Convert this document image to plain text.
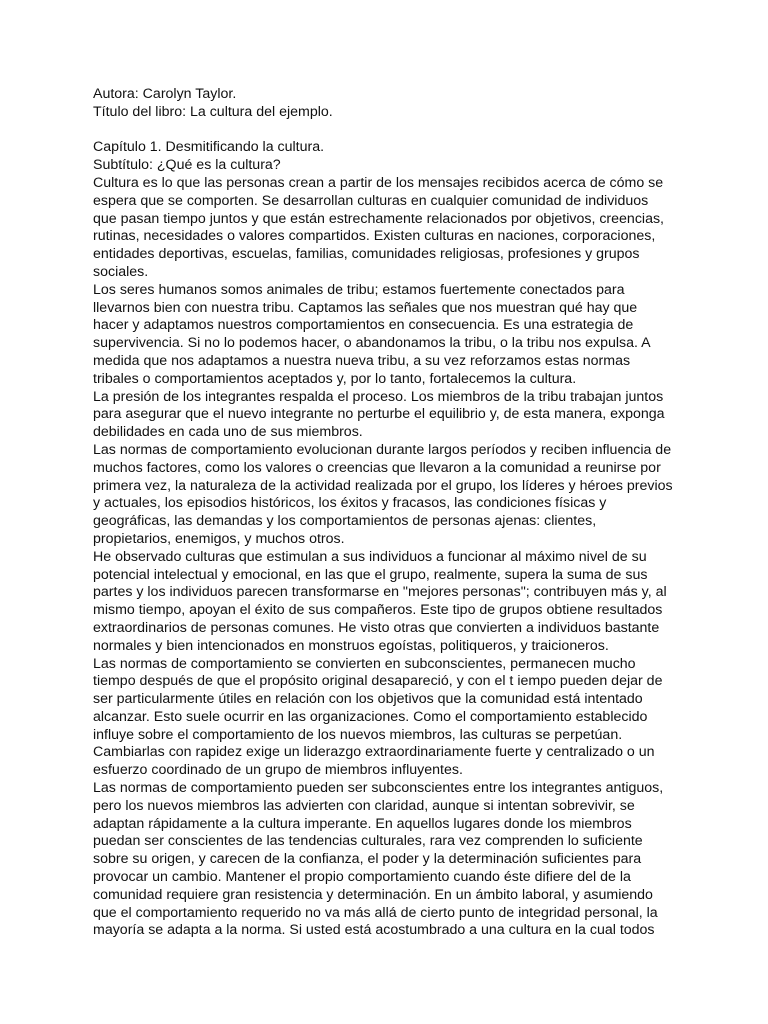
Autora: Carolyn Taylor.

Título del libro: La cultura del ejemplo.

Capítulo 1. Desmitificando la cultura.

Subtítulo: ¿Qué es la cultura?

Cultura es lo que las personas crean a partir de los mensajes recibidos acerca de cómo se espera que se comporten. Se desarrollan culturas en cualquier comunidad de individuos que pasan tiempo juntos y que están estrechamente relacionados por objetivos, creencias, rutinas, necesidades o valores compartidos. Existen culturas en naciones, corporaciones, entidades deportivas, escuelas, familias, comunidades religiosas, profesiones y grupos sociales.

Los seres humanos somos animales de tribu; estamos fuertemente conectados para llevarnos bien con nuestra tribu. Captamos las señales que nos muestran qué hay que hacer y adaptamos nuestros comportamientos en consecuencia. Es una estrategia de supervivencia. Si no lo podemos hacer, o abandonamos la tribu, o la tribu nos expulsa. A medida que nos adaptamos a nuestra nueva tribu, a su vez reforzamos estas normas tribales o comportamientos aceptados y, por lo tanto, fortalecemos la cultura.

La presión de los integrantes respalda el proceso. Los miembros de la tribu trabajan juntos para asegurar que el nuevo integrante no perturbe el equilibrio y, de esta manera, exponga debilidades en cada uno de sus miembros.

Las normas de comportamiento evolucionan durante largos períodos y reciben influencia de muchos factores, como los valores o creencias que llevaron a la comunidad a reunirse por primera vez, la naturaleza de la actividad realizada por el grupo, los líderes y héroes previos y actuales, los episodios históricos, los éxitos y fracasos, las condiciones físicas y geográficas, las demandas y los comportamientos de personas ajenas: clientes, propietarios, enemigos, y muchos otros.

He observado culturas que estimulan a sus individuos a funcionar al máximo nivel de su potencial intelectual y emocional, en las que el grupo, realmente, supera la suma de sus partes y los individuos parecen transformarse en "mejores personas"; contribuyen más y, al mismo tiempo, apoyan el éxito de sus compañeros. Este tipo de grupos obtiene resultados extraordinarios de personas comunes. He visto otras que convierten a individuos bastante normales y bien intencionados en monstruos egoístas, politiqueros, y traicioneros.

Las normas de comportamiento se convierten en subconscientes, permanecen mucho tiempo después de que el propósito original desapareció, y con el t iempo pueden dejar de ser particularmente útiles en relación con los objetivos que la comunidad está intentado alcanzar. Esto suele ocurrir en las organizaciones. Como el comportamiento establecido influye sobre el comportamiento de los nuevos miembros, las culturas se perpetúan. Cambiarlas con rapidez exige un liderazgo extraordinariamente fuerte y centralizado o un esfuerzo coordinado de un grupo de miembros influyentes.

Las normas de comportamiento pueden ser subconscientes entre los integrantes antiguos, pero los nuevos miembros las advierten con claridad, aunque si intentan sobrevivir, se adaptan rápidamente a la cultura imperante. En aquellos lugares donde los miembros puedan ser conscientes de las tendencias culturales, rara vez comprenden lo suficiente sobre su origen, y carecen de la confianza, el poder y la determinación suficientes para provocar un cambio. Mantener el propio comportamiento cuando éste difiere del de la comunidad requiere gran resistencia y determinación. En un ámbito laboral, y asumiendo que el comportamiento requerido no va más allá de cierto punto de integridad personal, la mayoría se adapta a la norma. Si usted está acostumbrado a una cultura en la cual todos
